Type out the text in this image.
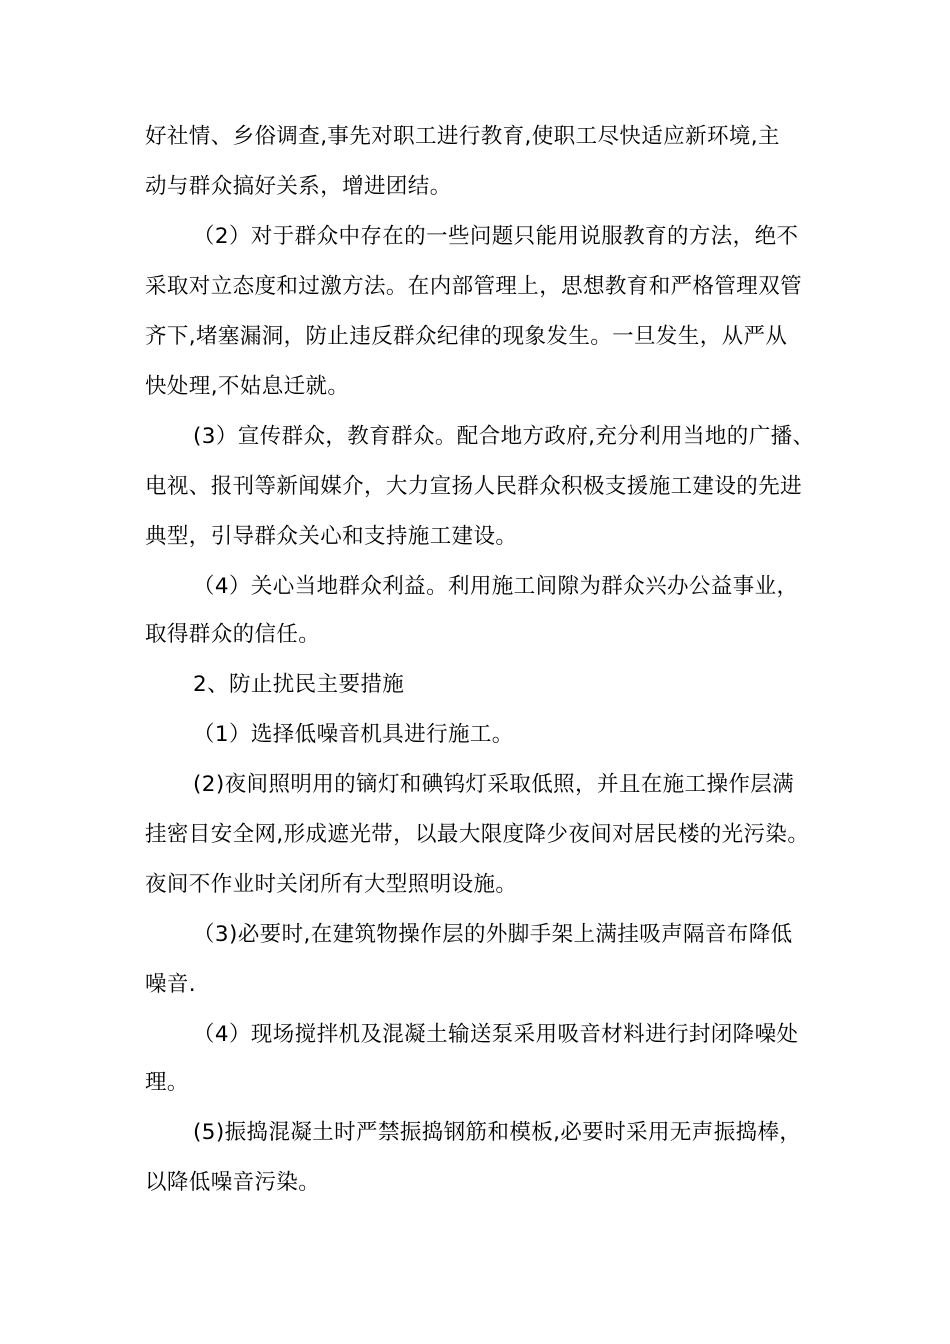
好社情、乡俗调查,事先对职工进行教育,使职工尽快适应新环境,主
动与群众搞好关系，增进团结。
（2）对于群众中存在的一些问题只能用说服教育的方法，绝不
采取对立态度和过激方法。在内部管理上，思想教育和严格管理双管
齐下,堵塞漏洞，防止违反群众纪律的现象发生。一旦发生，从严从
快处理,不姑息迁就。
(3）宣传群众，教育群众。配合地方政府,充分利用当地的广播、
电视、报刊等新闻媒介，大力宣扬人民群众积极支援施工建设的先进
典型，引导群众关心和支持施工建设。
（4）关心当地群众利益。利用施工间隙为群众兴办公益事业，
取得群众的信任。
2、防止扰民主要措施
（1）选择低噪音机具进行施工。
(2)夜间照明用的镝灯和碘钨灯采取低照，并且在施工操作层满
挂密目安全网,形成遮光带，以最大限度降少夜间对居民楼的光污染。
夜间不作业时关闭所有大型照明设施。
（3)必要时,在建筑物操作层的外脚手架上满挂吸声隔音布降低
噪音.
（4）现场搅拌机及混凝土输送泵采用吸音材料进行封闭降噪处
理。
(5)振捣混凝土时严禁振捣钢筋和模板,必要时采用无声振捣棒，
以降低噪音污染。
